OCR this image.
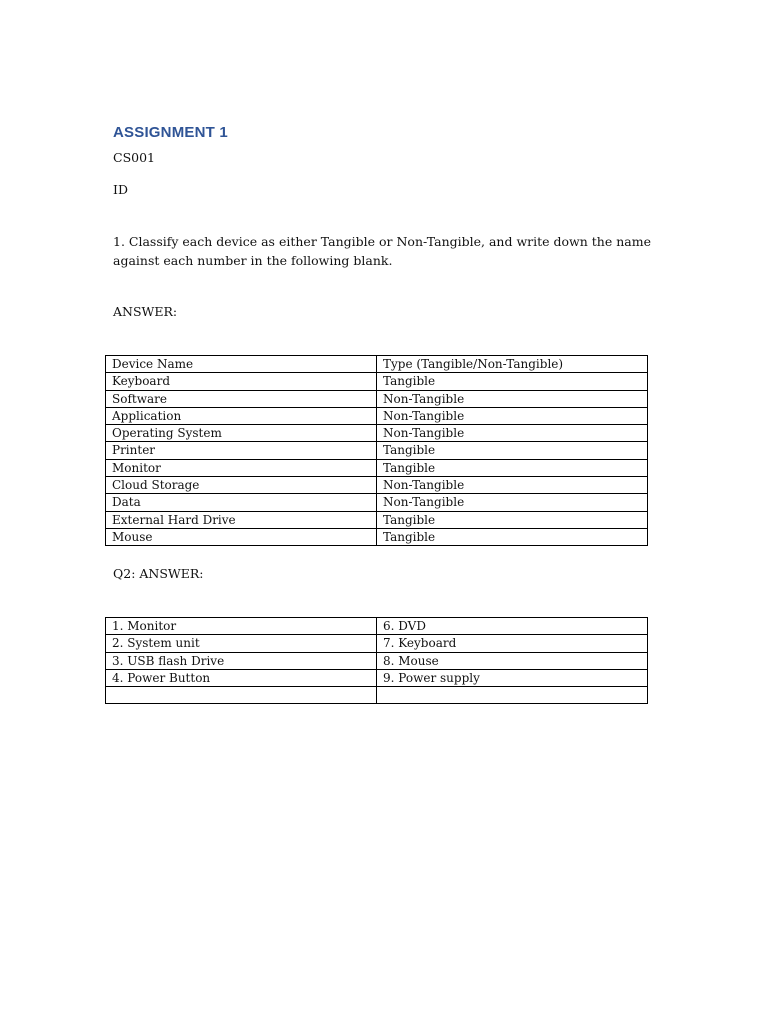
ASSIGNMENT 1

CS001

ID

1. Classify each device as either Tangible or Non-Tangible, and write down the name against each number in the following blank.

ANSWER:

Device Name	Type (Tangible/Non-Tangible)
Keyboard	Tangible
Software	Non-Tangible
Application	Non-Tangible
Operating System	Non-Tangible
Printer	Tangible
Monitor	Tangible
Cloud Storage	Non-Tangible
Data	Non-Tangible
External Hard Drive	Tangible
Mouse	Tangible

Q2: ANSWER:

1. Monitor	6. DVD
2. System unit	7. Keyboard
3. USB flash Drive	8. Mouse
4. Power Button	9. Power supply
